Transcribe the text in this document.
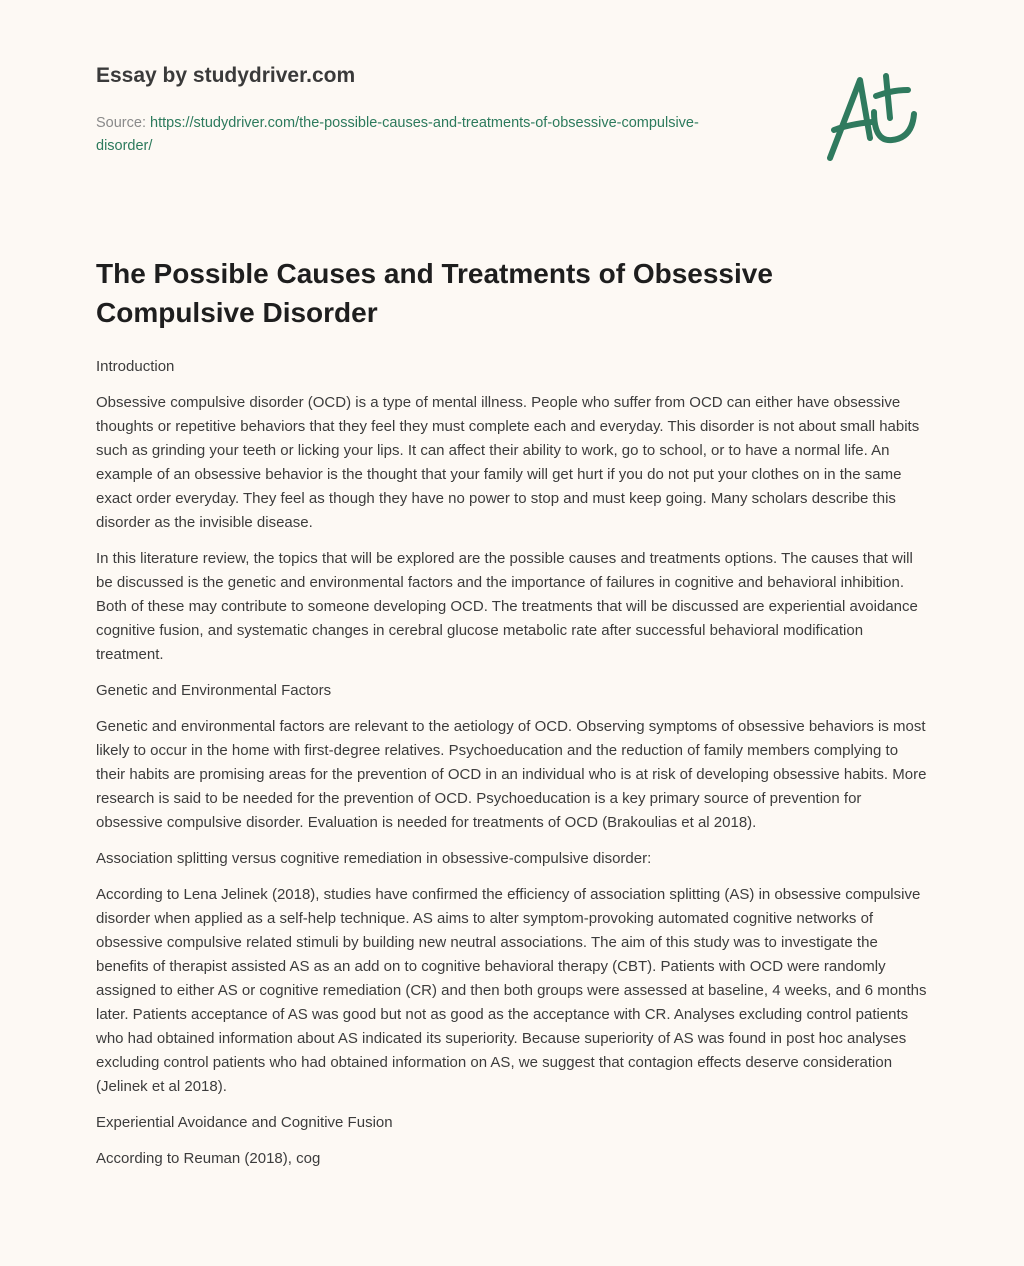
Essay by studydriver.com
Source: https://studydriver.com/the-possible-causes-and-treatments-of-obsessive-compulsive-disorder/
The Possible Causes and Treatments of Obsessive Compulsive Disorder

Introduction

Obsessive compulsive disorder (OCD) is a type of mental illness. People who suffer from OCD can either have obsessive thoughts or repetitive behaviors that they feel they must complete each and everyday. This disorder is not about small habits such as grinding your teeth or licking your lips. It can affect their ability to work, go to school, or to have a normal life. An example of an obsessive behavior is the thought that your family will get hurt if you do not put your clothes on in the same exact order everyday. They feel as though they have no power to stop and must keep going. Many scholars describe this disorder as the invisible disease.

In this literature review, the topics that will be explored are the possible causes and treatments options. The causes that will be discussed is the genetic and environmental factors and the importance of failures in cognitive and behavioral inhibition. Both of these may contribute to someone developing OCD. The treatments that will be discussed are experiential avoidance cognitive fusion, and systematic changes in cerebral glucose metabolic rate after successful behavioral modification treatment.

Genetic and Environmental Factors

Genetic and environmental factors are relevant to the aetiology of OCD. Observing symptoms of obsessive behaviors is most likely to occur in the home with first-degree relatives. Psychoeducation and the reduction of family members complying to their habits are promising areas for the prevention of OCD in an individual who is at risk of developing obsessive habits. More research is said to be needed for the prevention of OCD. Psychoeducation is a key primary source of prevention for obsessive compulsive disorder. Evaluation is needed for treatments of OCD (Brakoulias et al 2018).

Association splitting versus cognitive remediation in obsessive-compulsive disorder:

According to Lena Jelinek (2018), studies have confirmed the efficiency of association splitting (AS) in obsessive compulsive disorder when applied as a self-help technique. AS aims to alter symptom-provoking automated cognitive networks of obsessive compulsive related stimuli by building new neutral associations. The aim of this study was to investigate the benefits of therapist assisted AS as an add on to cognitive behavioral therapy (CBT). Patients with OCD were randomly assigned to either AS or cognitive remediation (CR) and then both groups were assessed at baseline, 4 weeks, and 6 months later. Patients acceptance of AS was good but not as good as the acceptance with CR. Analyses excluding control patients who had obtained information about AS indicated its superiority. Because superiority of AS was found in post hoc analyses excluding control patients who had obtained information on AS, we suggest that contagion effects deserve consideration (Jelinek et al 2018).

Experiential Avoidance and Cognitive Fusion

According to Reuman (2018), cog
